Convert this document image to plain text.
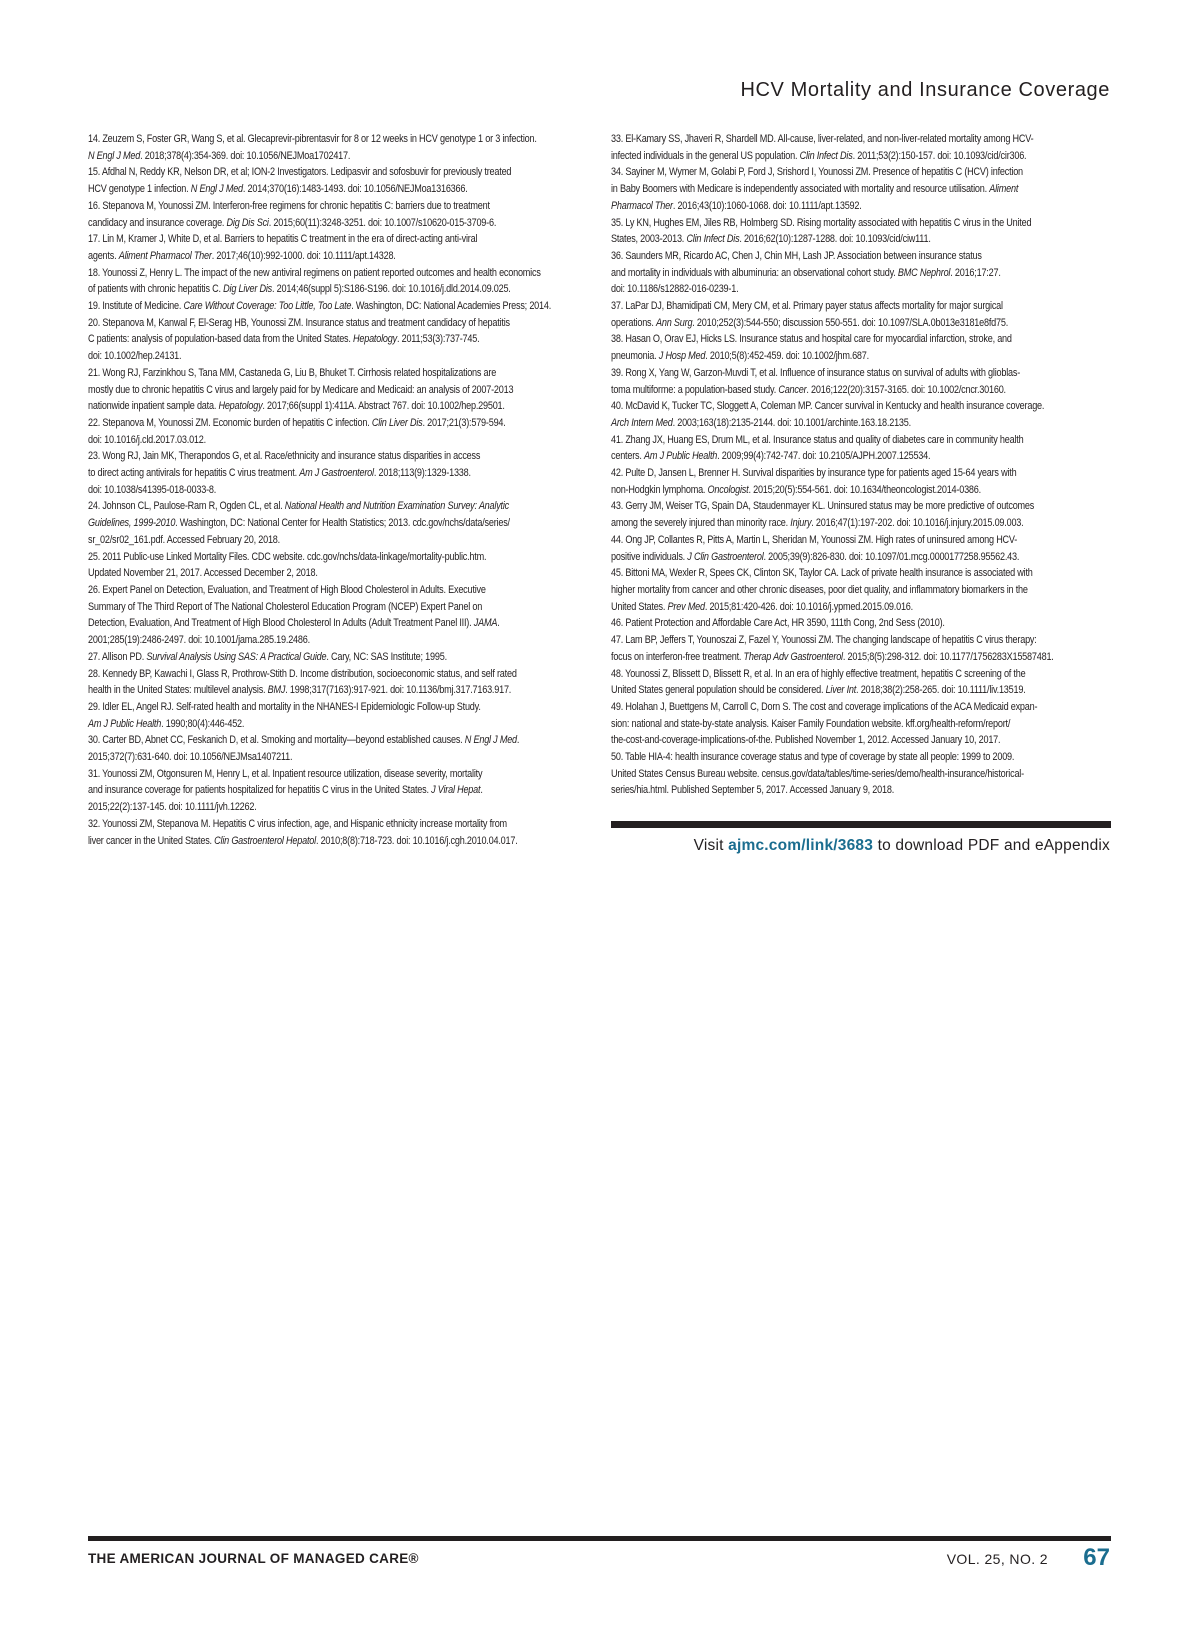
HCV Mortality and Insurance Coverage

14. Zeuzem S, Foster GR, Wang S, et al. Glecaprevir-pibrentasvir for 8 or 12 weeks in HCV genotype 1 or 3 infection.
N Engl J Med. 2018;378(4):354-369. doi: 10.1056/NEJMoa1702417.

15. Afdhal N, Reddy KR, Nelson DR, et al; ION-2 Investigators. Ledipasvir and sofosbuvir for previously treated
HCV genotype 1 infection. N Engl J Med. 2014;370(16):1483-1493. doi: 10.1056/NEJMoa1316366.

16. Stepanova M, Younossi ZM. Interferon-free regimens for chronic hepatitis C: barriers due to treatment
candidacy and insurance coverage. Dig Dis Sci. 2015;60(11):3248-3251. doi: 10.1007/s10620-015-3709-6.

17. Lin M, Kramer J, White D, et al. Barriers to hepatitis C treatment in the era of direct-acting anti-viral
agents. Aliment Pharmacol Ther. 2017;46(10):992-1000. doi: 10.1111/apt.14328.

18. Younossi Z, Henry L. The impact of the new antiviral regimens on patient reported outcomes and health economics
of patients with chronic hepatitis C. Dig Liver Dis. 2014;46(suppl 5):S186-S196. doi: 10.1016/j.dld.2014.09.025.

19. Institute of Medicine. Care Without Coverage: Too Little, Too Late. Washington, DC: National Academies Press; 2014.

20. Stepanova M, Kanwal F, El-Serag HB, Younossi ZM. Insurance status and treatment candidacy of hepatitis
C patients: analysis of population-based data from the United States. Hepatology. 2011;53(3):737-745.
doi: 10.1002/hep.24131.

21. Wong RJ, Farzinkhou S, Tana MM, Castaneda G, Liu B, Bhuket T. Cirrhosis related hospitalizations are
mostly due to chronic hepatitis C virus and largely paid for by Medicare and Medicaid: an analysis of 2007-2013
nationwide inpatient sample data. Hepatology. 2017;66(suppl 1):411A. Abstract 767. doi: 10.1002/hep.29501.

22. Stepanova M, Younossi ZM. Economic burden of hepatitis C infection. Clin Liver Dis. 2017;21(3):579-594.
doi: 10.1016/j.cld.2017.03.012.

23. Wong RJ, Jain MK, Therapondos G, et al. Race/ethnicity and insurance status disparities in access
to direct acting antivirals for hepatitis C virus treatment. Am J Gastroenterol. 2018;113(9):1329-1338.
doi: 10.1038/s41395-018-0033-8.

24. Johnson CL, Paulose-Ram R, Ogden CL, et al. National Health and Nutrition Examination Survey: Analytic
Guidelines, 1999-2010. Washington, DC: National Center for Health Statistics; 2013. cdc.gov/nchs/data/series/
sr_02/sr02_161.pdf. Accessed February 20, 2018.

25. 2011 Public-use Linked Mortality Files. CDC website. cdc.gov/nchs/data-linkage/mortality-public.htm.
Updated November 21, 2017. Accessed December 2, 2018.

26. Expert Panel on Detection, Evaluation, and Treatment of High Blood Cholesterol in Adults. Executive
Summary of The Third Report of The National Cholesterol Education Program (NCEP) Expert Panel on
Detection, Evaluation, And Treatment of High Blood Cholesterol In Adults (Adult Treatment Panel III). JAMA.
2001;285(19):2486-2497. doi: 10.1001/jama.285.19.2486.

27. Allison PD. Survival Analysis Using SAS: A Practical Guide. Cary, NC: SAS Institute; 1995.

28. Kennedy BP, Kawachi I, Glass R, Prothrow-Stith D. Income distribution, socioeconomic status, and self rated
health in the United States: multilevel analysis. BMJ. 1998;317(7163):917-921. doi: 10.1136/bmj.317.7163.917.

29. Idler EL, Angel RJ. Self-rated health and mortality in the NHANES-I Epidemiologic Follow-up Study.
Am J Public Health. 1990;80(4):446-452.

30. Carter BD, Abnet CC, Feskanich D, et al. Smoking and mortality—beyond established causes. N Engl J Med.
2015;372(7):631-640. doi: 10.1056/NEJMsa1407211.

31. Younossi ZM, Otgonsuren M, Henry L, et al. Inpatient resource utilization, disease severity, mortality
and insurance coverage for patients hospitalized for hepatitis C virus in the United States. J Viral Hepat.
2015;22(2):137-145. doi: 10.1111/jvh.12262.

32. Younossi ZM, Stepanova M. Hepatitis C virus infection, age, and Hispanic ethnicity increase mortality from
liver cancer in the United States. Clin Gastroenterol Hepatol. 2010;8(8):718-723. doi: 10.1016/j.cgh.2010.04.017.

33. El-Kamary SS, Jhaveri R, Shardell MD. All-cause, liver-related, and non-liver-related mortality among HCV-
infected individuals in the general US population. Clin Infect Dis. 2011;53(2):150-157. doi: 10.1093/cid/cir306.

34. Sayiner M, Wymer M, Golabi P, Ford J, Srishord I, Younossi ZM. Presence of hepatitis C (HCV) infection
in Baby Boomers with Medicare is independently associated with mortality and resource utilisation. Aliment
Pharmacol Ther. 2016;43(10):1060-1068. doi: 10.1111/apt.13592.

35. Ly KN, Hughes EM, Jiles RB, Holmberg SD. Rising mortality associated with hepatitis C virus in the United
States, 2003-2013. Clin Infect Dis. 2016;62(10):1287-1288. doi: 10.1093/cid/ciw111.

36. Saunders MR, Ricardo AC, Chen J, Chin MH, Lash JP. Association between insurance status
and mortality in individuals with albuminuria: an observational cohort study. BMC Nephrol. 2016;17:27.
doi: 10.1186/s12882-016-0239-1.

37. LaPar DJ, Bhamidipati CM, Mery CM, et al. Primary payer status affects mortality for major surgical
operations. Ann Surg. 2010;252(3):544-550; discussion 550-551. doi: 10.1097/SLA.0b013e3181e8fd75.

38. Hasan O, Orav EJ, Hicks LS. Insurance status and hospital care for myocardial infarction, stroke, and
pneumonia. J Hosp Med. 2010;5(8):452-459. doi: 10.1002/jhm.687.

39. Rong X, Yang W, Garzon-Muvdi T, et al. Influence of insurance status on survival of adults with glioblas-
toma multiforme: a population-based study. Cancer. 2016;122(20):3157-3165. doi: 10.1002/cncr.30160.

40. McDavid K, Tucker TC, Sloggett A, Coleman MP. Cancer survival in Kentucky and health insurance coverage.
Arch Intern Med. 2003;163(18):2135-2144. doi: 10.1001/archinte.163.18.2135.

41. Zhang JX, Huang ES, Drum ML, et al. Insurance status and quality of diabetes care in community health
centers. Am J Public Health. 2009;99(4):742-747. doi: 10.2105/AJPH.2007.125534.

42. Pulte D, Jansen L, Brenner H. Survival disparities by insurance type for patients aged 15-64 years with
non-Hodgkin lymphoma. Oncologist. 2015;20(5):554-561. doi: 10.1634/theoncologist.2014-0386.

43. Gerry JM, Weiser TG, Spain DA, Staudenmayer KL. Uninsured status may be more predictive of outcomes
among the severely injured than minority race. Injury. 2016;47(1):197-202. doi: 10.1016/j.injury.2015.09.003.

44. Ong JP, Collantes R, Pitts A, Martin L, Sheridan M, Younossi ZM. High rates of uninsured among HCV-
positive individuals. J Clin Gastroenterol. 2005;39(9):826-830. doi: 10.1097/01.mcg.0000177258.95562.43.

45. Bittoni MA, Wexler R, Spees CK, Clinton SK, Taylor CA. Lack of private health insurance is associated with
higher mortality from cancer and other chronic diseases, poor diet quality, and inflammatory biomarkers in the
United States. Prev Med. 2015;81:420-426. doi: 10.1016/j.ypmed.2015.09.016.

46. Patient Protection and Affordable Care Act, HR 3590, 111th Cong, 2nd Sess (2010).

47. Lam BP, Jeffers T, Younoszai Z, Fazel Y, Younossi ZM. The changing landscape of hepatitis C virus therapy:
focus on interferon-free treatment. Therap Adv Gastroenterol. 2015;8(5):298-312. doi: 10.1177/1756283X15587481.

48. Younossi Z, Blissett D, Blissett R, et al. In an era of highly effective treatment, hepatitis C screening of the
United States general population should be considered. Liver Int. 2018;38(2):258-265. doi: 10.1111/liv.13519.

49. Holahan J, Buettgens M, Carroll C, Dorn S. The cost and coverage implications of the ACA Medicaid expan-
sion: national and state-by-state analysis. Kaiser Family Foundation website. kff.org/health-reform/report/
the-cost-and-coverage-implications-of-the. Published November 1, 2012. Accessed January 10, 2017.

50. Table HIA-4: health insurance coverage status and type of coverage by state all people: 1999 to 2009.
United States Census Bureau website. census.gov/data/tables/time-series/demo/health-insurance/historical-
series/hia.html. Published September 5, 2017. Accessed January 9, 2018.

Visit ajmc.com/link/3683 to download PDF and eAppendix
THE AMERICAN JOURNAL OF MANAGED CARE®	VOL. 25, NO. 2 67
